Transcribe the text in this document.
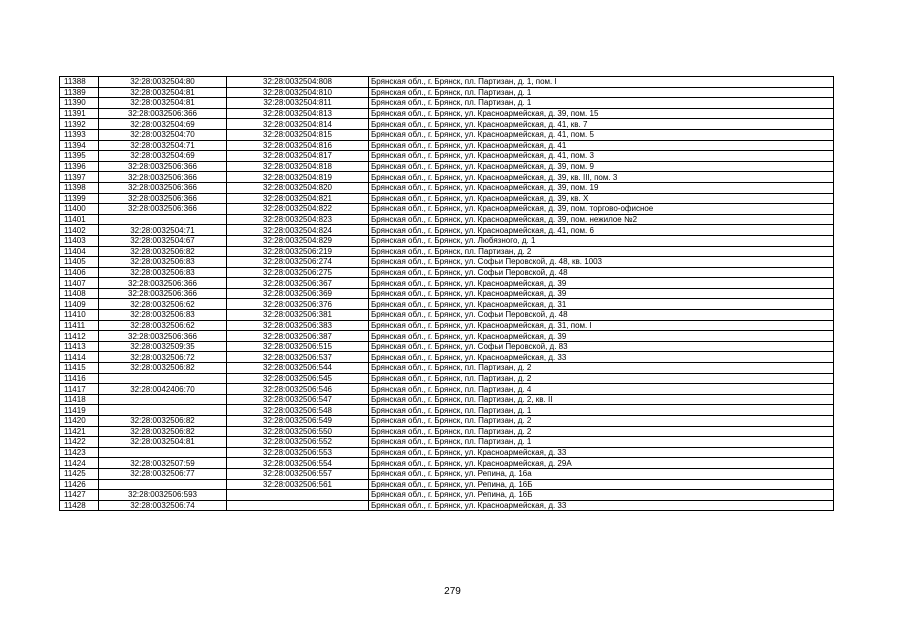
11388	32:28:0032504:80	32:28:0032504:808	Брянская обл., г. Брянск, пл. Партизан, д. 1, пом. I
11389	32:28:0032504:81	32:28:0032504:810	Брянская обл., г. Брянск, пл. Партизан, д. 1
11390	32:28:0032504:81	32:28:0032504:811	Брянская обл., г. Брянск, пл. Партизан, д. 1
11391	32:28:0032506:366	32:28:0032504:813	Брянская обл., г. Брянск, ул. Красноармейская, д. 39, пом. 15
11392	32:28:0032504:69	32:28:0032504:814	Брянская обл., г. Брянск, ул. Красноармейская, д. 41, кв. 7
11393	32:28:0032504:70	32:28:0032504:815	Брянская обл., г. Брянск, ул. Красноармейская, д. 41, пом. 5
11394	32:28:0032504:71	32:28:0032504:816	Брянская обл., г. Брянск, ул. Красноармейская, д. 41
11395	32:28:0032504:69	32:28:0032504:817	Брянская обл., г. Брянск, ул. Красноармейская, д. 41, пом. 3
11396	32:28:0032506:366	32:28:0032504:818	Брянская обл., г. Брянск, ул. Красноармейская, д. 39, пом. 9
11397	32:28:0032506:366	32:28:0032504:819	Брянская обл., г. Брянск, ул. Красноармейская, д. 39, кв. III, пом. 3
11398	32:28:0032506:366	32:28:0032504:820	Брянская обл., г. Брянск, ул. Красноармейская, д. 39, пом. 19
11399	32:28:0032506:366	32:28:0032504:821	Брянская обл., г. Брянск, ул. Красноармейская, д. 39, кв. X
11400	32:28:0032506:366	32:28:0032504:822	Брянская обл., г. Брянск, ул. Красноармейская, д. 39, пом. торгово-офисное
11401		32:28:0032504:823	Брянская обл., г. Брянск, ул. Красноармейская, д. 39, пом. нежилое №2
11402	32:28:0032504:71	32:28:0032504:824	Брянская обл., г. Брянск, ул. Красноармейская, д. 41, пом. 6
11403	32:28:0032504:67	32:28:0032504:829	Брянская обл., г. Брянск, ул. Любязного, д. 1
11404	32:28:0032506:82	32:28:0032506:219	Брянская обл., г. Брянск, пл. Партизан, д. 2
11405	32:28:0032506:83	32:28:0032506:274	Брянская обл., г. Брянск, ул. Софьи Перовской, д. 48, кв. 1003
11406	32:28:0032506:83	32:28:0032506:275	Брянская обл., г. Брянск, ул. Софьи Перовской, д. 48
11407	32:28:0032506:366	32:28:0032506:367	Брянская обл., г. Брянск, ул. Красноармейская, д. 39
11408	32:28:0032506:366	32:28:0032506:369	Брянская обл., г. Брянск, ул. Красноармейская, д. 39
11409	32:28:0032506:62	32:28:0032506:376	Брянская обл., г. Брянск, ул. Красноармейская, д. 31
11410	32:28:0032506:83	32:28:0032506:381	Брянская обл., г. Брянск, ул. Софьи Перовской, д. 48
11411	32:28:0032506:62	32:28:0032506:383	Брянская обл., г. Брянск, ул. Красноармейская, д. 31, пом. I
11412	32:28:0032506:366	32:28:0032506:387	Брянская обл., г. Брянск, ул. Красноармейская, д. 39
11413	32:28:0032509:35	32:28:0032506:515	Брянская обл., г. Брянск, ул. Софьи Перовской, д. 83
11414	32:28:0032506:72	32:28:0032506:537	Брянская обл., г. Брянск, ул. Красноармейская, д. 33
11415	32:28:0032506:82	32:28:0032506:544	Брянская обл., г. Брянск, пл. Партизан, д. 2
11416		32:28:0032506:545	Брянская обл., г. Брянск, пл. Партизан, д. 2
11417	32:28:0042406:70	32:28:0032506:546	Брянская обл., г. Брянск, пл. Партизан, д. 4
11418		32:28:0032506:547	Брянская обл., г. Брянск, пл. Партизан, д. 2, кв. II
11419		32:28:0032506:548	Брянская обл., г. Брянск, пл. Партизан, д. 1
11420	32:28:0032506:82	32:28:0032506:549	Брянская обл., г. Брянск, пл. Партизан, д. 2
11421	32:28:0032506:82	32:28:0032506:550	Брянская обл., г. Брянск, пл. Партизан, д. 2
11422	32:28:0032504:81	32:28:0032506:552	Брянская обл., г. Брянск, пл. Партизан, д. 1
11423		32:28:0032506:553	Брянская обл., г. Брянск, ул. Красноармейская, д. 33
11424	32:28:0032507:59	32:28:0032506:554	Брянская обл., г. Брянск, ул. Красноармейская, д. 29А
11425	32:28:0032506:77	32:28:0032506:557	Брянская обл., г. Брянск, ул. Репина, д. 16а
11426		32:28:0032506:561	Брянская обл., г. Брянск, ул. Репина, д. 16Б
11427	32:28:0032506:593		Брянская обл., г. Брянск, ул. Репина, д. 16Б
11428	32:28:0032506:74		Брянская обл., г. Брянск, ул. Красноармейская, д. 33
279
